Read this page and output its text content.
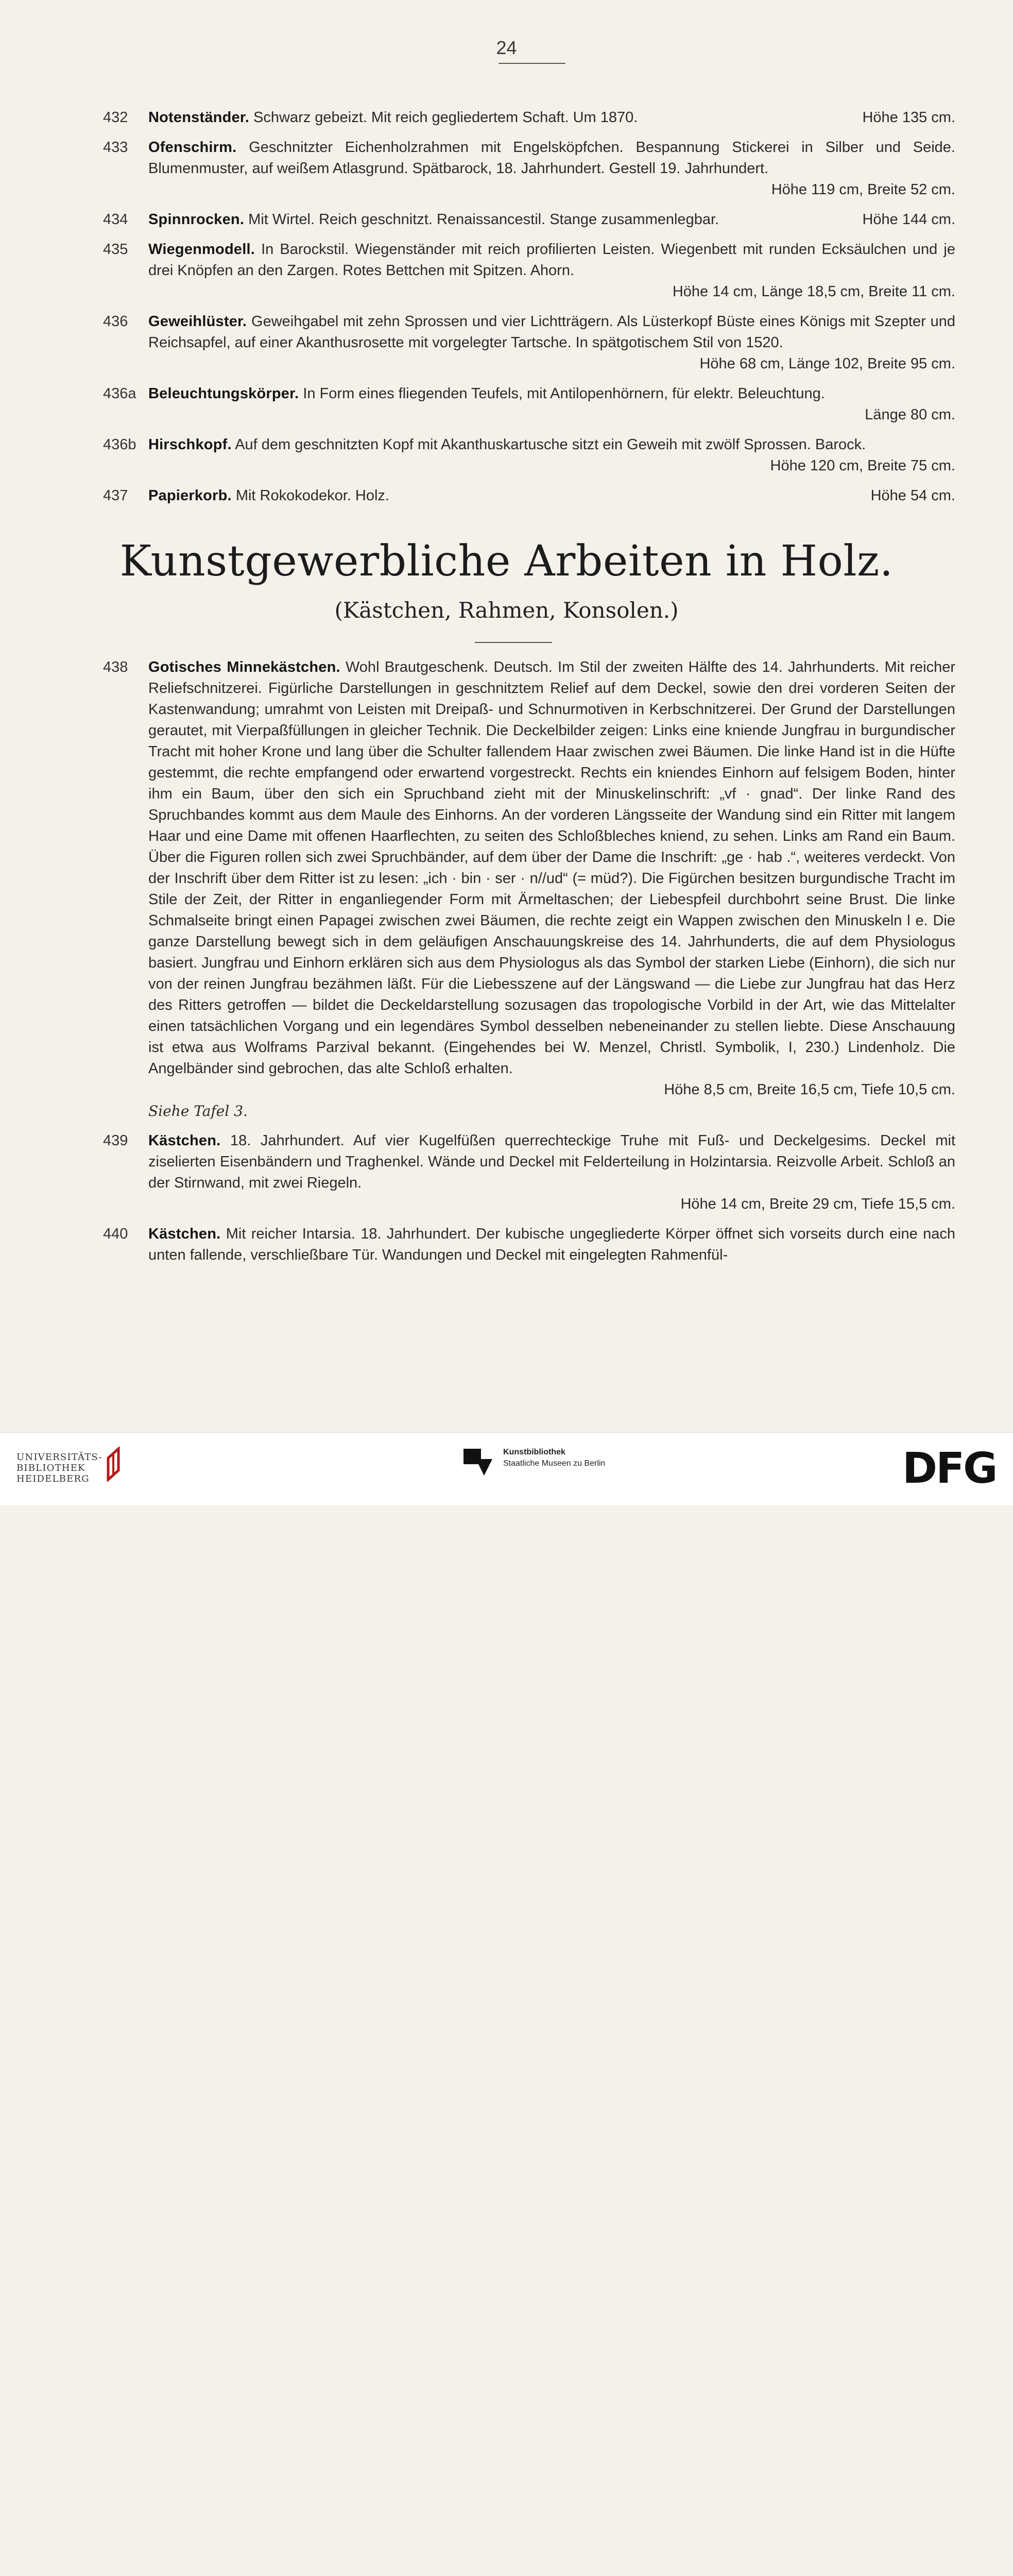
24
432	Notenständer. Schwarz gebeizt. Mit reich gegliedertem Schaft. Um 1870.	Höhe 135 cm.
433	Ofenschirm. Geschnitzter Eichenholzrahmen mit Engelsköpfchen. Bespannung Stickerei in Silber und Seide. Blumenmuster, auf weißem Atlasgrund. Spätbarock, 18. Jahrhundert. Gestell 19. Jahrhundert.
Höhe 119 cm, Breite 52 cm.
434	Spinnrocken. Mit Wirtel. Reich geschnitzt. Renaissancestil. Stange zusammenlegbar.	Höhe 144 cm.
435	Wiegenmodell. In Barockstil. Wiegenständer mit reich profilierten Leisten. Wiegenbett mit runden Ecksäulchen und je drei Knöpfen an den Zargen. Rotes Bettchen mit Spitzen. Ahorn.
Höhe 14 cm, Länge 18,5 cm, Breite 11 cm.
436	Geweihlüster. Geweihgabel mit zehn Sprossen und vier Lichtträgern. Als Lüsterkopf Büste eines Königs mit Szepter und Reichsapfel, auf einer Akanthusrosette mit vorgelegter Tartsche. In spätgotischem Stil von 1520.
Höhe 68 cm, Länge 102, Breite 95 cm.
436a Beleuchtungskörper. In Form eines fliegenden Teufels, mit Antilopenhörnern, für elektr. Beleuchtung.
Länge 80 cm.
436b Hirschkopf. Auf dem geschnitzten Kopf mit Akanthuskartusche sitzt ein Geweih mit zwölf Sprossen. Barock.
Höhe 120 cm, Breite 75 cm.
437	Papierkorb. Mit Rokokodekor. Holz.	Höhe 54 cm.
Kunstgewerbliche Arbeiten in Holz.
(Kästchen, Rahmen, Konsolen.)
438	Gotisches Minnekästchen. Wohl Brautgeschenk. Deutsch. Im Stil der zweiten Hälfte des 14. Jahrhunderts. Mit reicher Reliefschnitzerei. Figürliche Darstellungen in geschnitztem Relief auf dem Deckel, sowie den drei vorderen Seiten der Kastenwandung; umrahmt von Leisten mit Dreipaß- und Schnurmotiven in Kerbschnitzerei. Der Grund der Darstellungen gerautet, mit Vierpaßfüllungen in gleicher Technik. Die Deckelbilder zeigen: Links eine kniende Jungfrau in burgundischer Tracht mit hoher Krone und lang über die Schulter fallendem Haar zwischen zwei Bäumen. Die linke Hand ist in die Hüfte gestemmt, die rechte empfangend oder erwartend vorgestreckt. Rechts ein kniendes Einhorn auf felsigem Boden, hinter ihm ein Baum, über den sich ein Spruchband zieht mit der Minuskelinschrift: „vf · gnad“. Der linke Rand des Spruchbandes kommt aus dem Maule des Einhorns. An der vorderen Längsseite der Wandung sind ein Ritter mit langem Haar und eine Dame mit offenen Haarflechten, zu seiten des Schloßbleches kniend, zu sehen. Links am Rand ein Baum. Über die Figuren rollen sich zwei Spruchbänder, auf dem über der Dame die Inschrift: „ge · hab .“, weiteres verdeckt. Von der Inschrift über dem Ritter ist zu lesen: „ich · bin · ser · n//ud“ (= müd?). Die Figürchen besitzen burgundische Tracht im Stile der Zeit, der Ritter in enganliegender Form mit Ärmeltaschen; der Liebespfeil durchbohrt seine Brust. Die linke Schmalseite bringt einen Papagei zwischen zwei Bäumen, die rechte zeigt ein Wappen zwischen den Minuskeln l e. Die ganze Darstellung bewegt sich in dem geläufigen Anschauungskreise des 14. Jahrhunderts, die auf dem Physiologus basiert. Jungfrau und Einhorn erklären sich aus dem Physiologus als das Symbol der starken Liebe (Einhorn), die sich nur von der reinen Jungfrau bezähmen läßt. Für die Liebesszene auf der Längswand — die Liebe zur Jungfrau hat das Herz des Ritters getroffen — bildet die Deckeldarstellung sozusagen das tropologische Vorbild in der Art, wie das Mittelalter einen tatsächlichen Vorgang und ein legendäres Symbol desselben nebeneinander zu stellen liebte. Diese Anschauung ist etwa aus Wolframs Parzival bekannt. (Eingehendes bei W. Menzel, Christl. Symbolik, I, 230.) Lindenholz. Die Angelbänder sind gebrochen, das alte Schloß erhalten.
Höhe 8,5 cm, Breite 16,5 cm, Tiefe 10,5 cm.
Siehe Tafel 3.
439	Kästchen. 18. Jahrhundert. Auf vier Kugelfüßen querrechteckige Truhe mit Fuß- und Deckelgesims. Deckel mit ziselierten Eisenbändern und Traghenkel. Wände und Deckel mit Felderteilung in Holzintarsia. Reizvolle Arbeit. Schloß an der Stirnwand, mit zwei Riegeln.
Höhe 14 cm, Breite 29 cm, Tiefe 15,5 cm.
440	Kästchen. Mit reicher Intarsia. 18. Jahrhundert. Der kubische ungegliederte Körper öffnet sich vorseits durch eine nach unten fallende, verschließbare Tür. Wandungen und Deckel mit eingelegten Rahmenfül-
UNIVERSITÄTS-
BIBLIOTHEK
HEIDELBERG
Kunstbibliothek
Staatliche Museen zu Berlin	DFG
